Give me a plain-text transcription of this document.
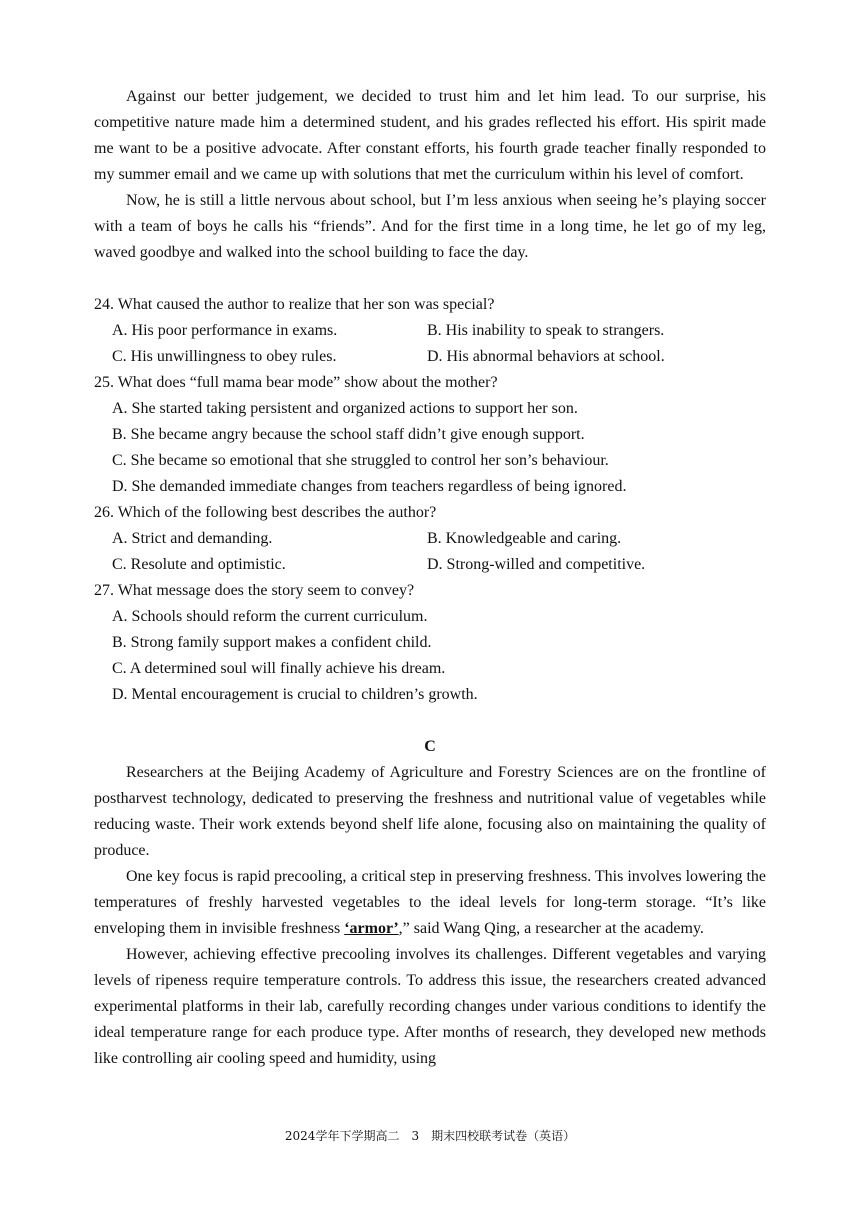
Against our better judgement, we decided to trust him and let him lead. To our surprise, his competitive nature made him a determined student, and his grades reflected his effort. His spirit made me want to be a positive advocate. After constant efforts, his fourth grade teacher finally responded to my summer email and we came up with solutions that met the curriculum within his level of comfort.

Now, he is still a little nervous about school, but I’m less anxious when seeing he’s playing soccer with a team of boys he calls his “friends”. And for the first time in a long time, he let go of my leg, waved goodbye and walked into the school building to face the day.

24. What caused the author to realize that her son was special?

A. His poor performance in exams.	B. His inability to speak to strangers.
C. His unwillingness to obey rules.	D. His abnormal behaviors at school.

25. What does “full mama bear mode” show about the mother?

A. She started taking persistent and organized actions to support her son.

B. She became angry because the school staff didn’t give enough support.

C. She became so emotional that she struggled to control her son’s behaviour.

D. She demanded immediate changes from teachers regardless of being ignored.

26. Which of the following best describes the author?

A. Strict and demanding.	B. Knowledgeable and caring.
C. Resolute and optimistic.	D. Strong-willed and competitive.

27. What message does the story seem to convey?

A. Schools should reform the current curriculum.

B. Strong family support makes a confident child.

C. A determined soul will finally achieve his dream.

D. Mental encouragement is crucial to children’s growth.

C

Researchers at the Beijing Academy of Agriculture and Forestry Sciences are on the frontline of postharvest technology, dedicated to preserving the freshness and nutritional value of vegetables while reducing waste. Their work extends beyond shelf life alone, focusing also on maintaining the quality of produce.

One key focus is rapid precooling, a critical step in preserving freshness. This involves lowering the temperatures of freshly harvested vegetables to the ideal levels for long-term storage. “It’s like enveloping them in invisible freshness ‘armor’,” said Wang Qing, a researcher at the academy.

However, achieving effective precooling involves its challenges. Different vegetables and varying levels of ripeness require temperature controls. To address this issue, the researchers created advanced experimental platforms in their lab, carefully recording changes under various conditions to identify the ideal temperature range for each produce type. After months of research, they developed new methods like controlling air cooling speed and humidity, using

2024学年下学期高二　3　期末四校联考试卷（英语）
